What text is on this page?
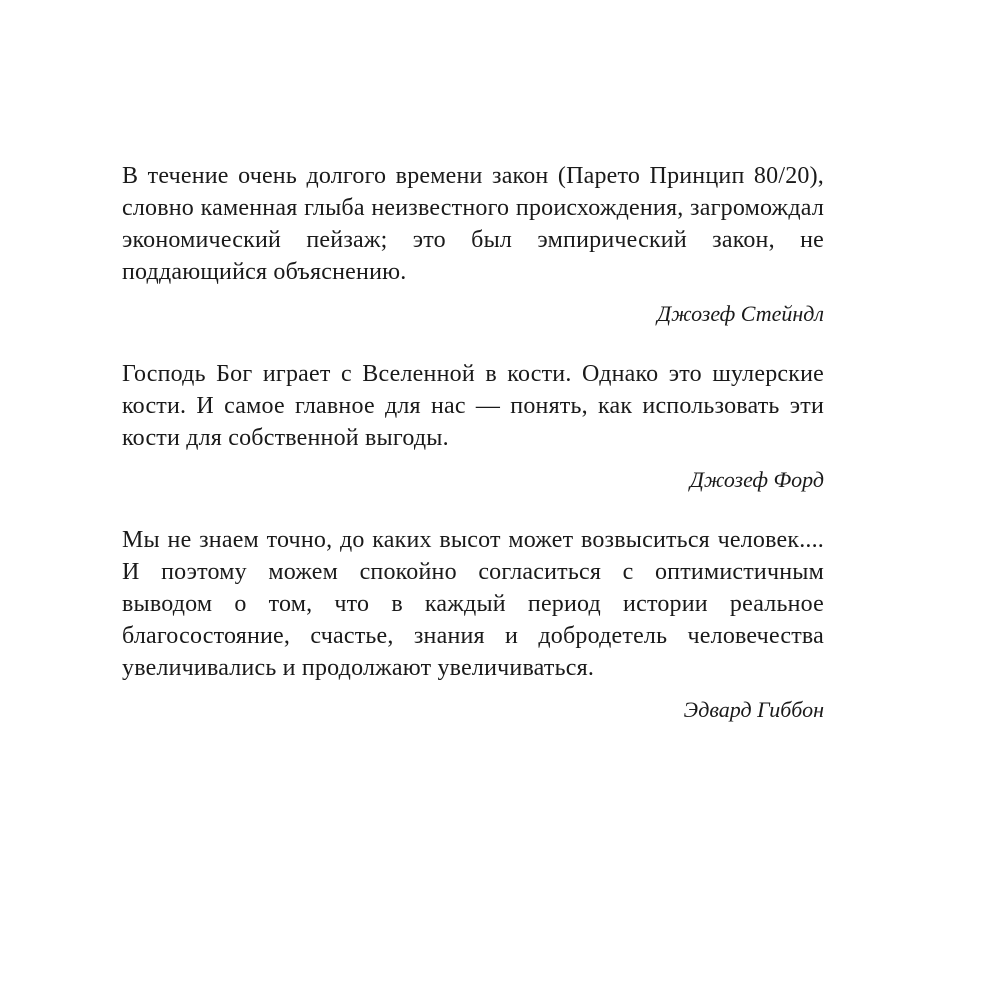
В течение очень долгого времени закон (Парето Принцип 80/20), словно каменная глыба неизвестного происхождения, загромождал экономический пейзаж; это был эмпирический закон, не поддающийся объяснению.

Джозеф Стейндл

Господь Бог играет с Вселенной в кости. Однако это шулерские кости. И самое главное для нас — понять, как использовать эти кости для собственной выгоды.

Джозеф Форд

Мы не знаем точно, до каких высот может возвыситься человек.... И поэтому можем спокойно согласиться с оптимистичным выводом о том, что в каждый период истории реальное благосостояние, счастье, знания и добродетель человечества увеличивались и продолжают увеличиваться.

Эдвард Гиббон
